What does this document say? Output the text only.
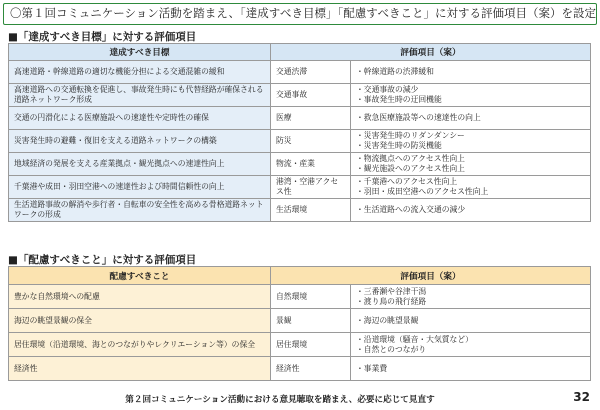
〇第１回コミュニケーション活動を踏まえ、「達成すべき目標」「配慮すべきこと」に対する評価項目（案）を設定
■「達成すべき目標」に対する評価項目
達成すべき目標	評価項目（案）	
高速道路・幹線道路の適切な機能分担による交通混雑の緩和	交通渋滞	・幹線道路の渋滞緩和

高速道路への交通転換を促進し、事故発生時にも代替経路が確保される道路ネットワーク形成	交通事故	・交通事故の減少
・事故発生時の迂回機能

交通の円滑化による医療施設への速達性や定時性の確保	医療	・救急医療施設等への速達性の向上

災害発生時の避難・復旧を支える道路ネットワークの構築	防災	・災害発生時のリダンダンシー
・災害発生時の防災機能

地域経済の発展を支える産業拠点・観光拠点への速達性向上	物流・産業	・物流拠点へのアクセス性向上
・観光施設へのアクセス性向上

千葉港や成田・羽田空港への速達性および時間信頼性の向上	港湾・空港アクセス性	・千葉港へのアクセス性向上
・羽田・成田空港へのアクセス性向上

生活道路事故の解消や歩行者・自転車の安全性を高める骨格道路ネットワークの形成	生活環境	・生活道路への流入交通の減少
■「配慮すべきこと」に対する評価項目
配慮すべきこと	評価項目（案）	
豊かな自然環境への配慮	自然環境	・三番瀬や谷津干潟
・渡り鳥の飛行経路

海辺の眺望景観の保全	景観	・海辺の眺望景観

居住環境（沿道環境、海とのつながりやレクリエーション等）の保全	居住環境	・沿道環境（騒音・大気質など）
・自然とのつながり

経済性	経済性	・事業費
第２回コミュニケーション活動における意見聴取を踏まえ、必要に応じて見直す	32
